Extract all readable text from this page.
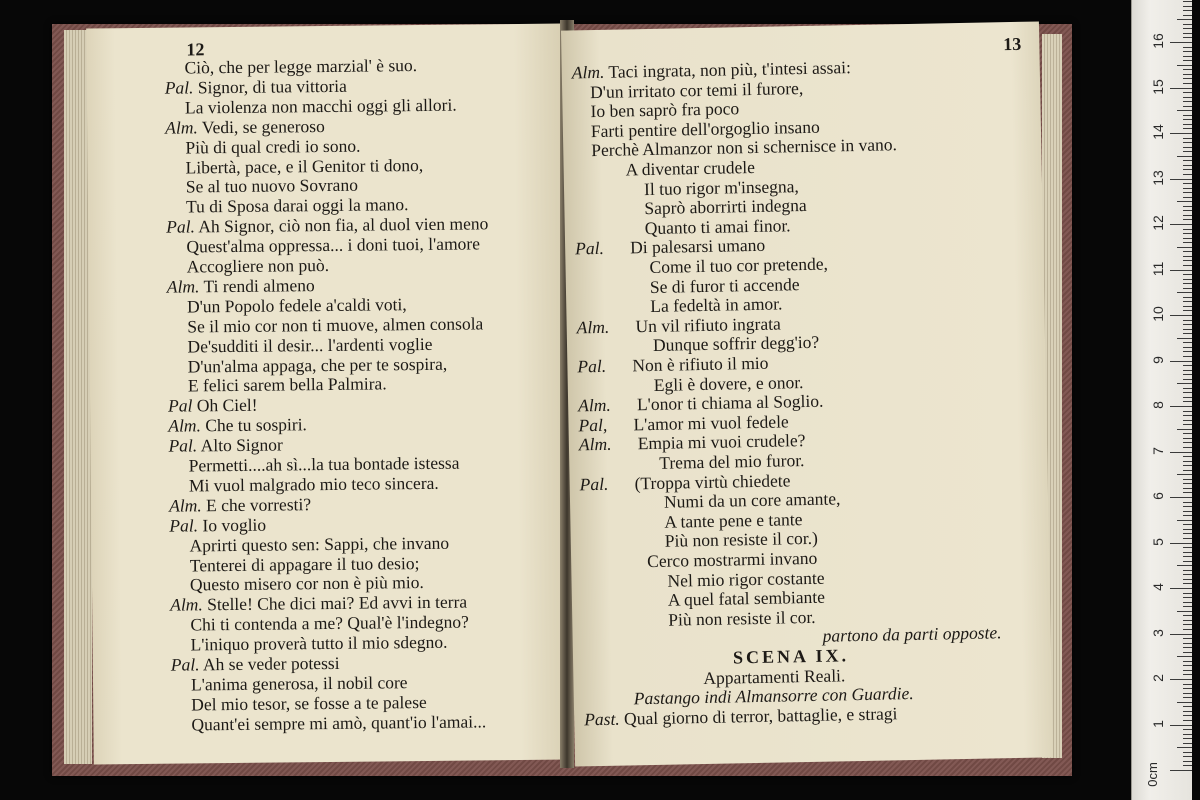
12
Ciò, che per legge marzial' è suo.
Pal. Signor, di tua vittoria
La violenza non macchi oggi gli allori.
Alm. Vedi, se generoso
Più di qual credi io sono.
Libertà, pace, e il Genitor ti dono,
Se al tuo nuovo Sovrano
Tu di Sposa darai oggi la mano.
Pal. Ah Signor, ciò non fia, al duol vien meno
Quest'alma oppressa... i doni tuoi, l'amore
Accogliere non può.
Alm. Ti rendi almeno
D'un Popolo fedele a'caldi voti,
Se il mio cor non ti muove, almen consola
De'sudditi il desir... l'ardenti voglie
D'un'alma appaga, che per te sospira,
E felici sarem bella Palmira.
Pal Oh Ciel!
Alm. Che tu sospiri.
Pal. Alto Signor
Permetti....ah sì...la tua bontade istessa
Mi vuol malgrado mio teco sincera.
Alm. E che vorresti?
Pal. Io voglio
Aprirti questo sen: Sappi, che invano
Tenterei di appagare il tuo desio;
Questo misero cor non è più mio.
Alm. Stelle! Che dici mai? Ed avvi in terra
Chi ti contenda a me? Qual'è l'indegno?
L'iniquo proverà tutto il mio sdegno.
Pal. Ah se veder potessi
L'anima generosa, il nobil core
Del mio tesor, se fosse a te palese
Quant'ei sempre mi amò, quant'io l'amai...
13
Alm. Taci ingrata, non più, t'intesi assai:
D'un irritato cor temi il furore,
Io ben saprò fra poco
Farti pentire dell'orgoglio insano
Perchè Almanzor non si schernisce in vano.
A diventar crudele
Il tuo rigor m'insegna,
Saprò aborrirti indegna
Quanto ti amai finor.
Pal. Di palesarsi umano
Come il tuo cor pretende,
Se di furor ti accende
La fedeltà in amor.
Alm. Un vil rifiuto ingrata
Dunque soffrir degg'io?
Pal. Non è rifiuto il mio
Egli è dovere, e onor.
Alm. L'onor ti chiama al Soglio.
Pal, L'amor mi vuol fedele
Alm. Empia mi vuoi crudele?
Trema del mio furor.
Pal. (Troppa virtù chiedete
Numi da un core amante,
A tante pene e tante
Più non resiste il cor.)
Cerco mostrarmi invano
Nel mio rigor costante
A quel fatal sembiante
Più non resiste il cor.
partono da parti opposte.
SCENA IX.
Appartamenti Reali.
Pastango indi Almansorre con Guardie.
Past. Qual giorno di terror, battaglie, e stragi
0cm
1
2
3
4
5
6
7
8
9
10
11
12
13
14
15
16
